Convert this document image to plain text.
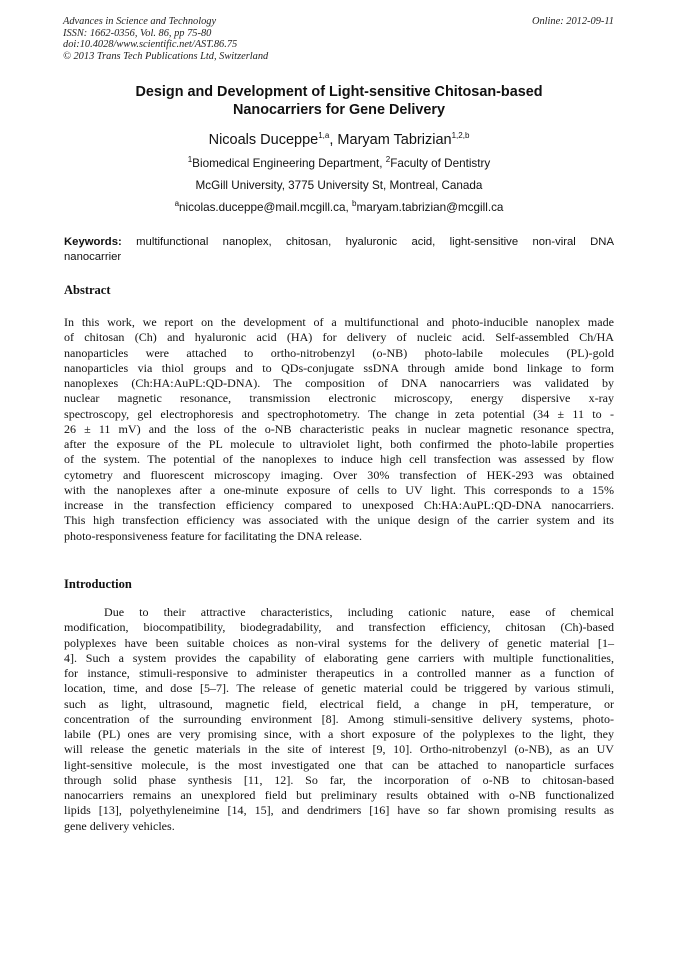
Advances in Science and Technology
ISSN: 1662-0356, Vol. 86, pp 75-80
doi:10.4028/www.scientific.net/AST.86.75
© 2013 Trans Tech Publications Ltd, Switzerland
Online: 2012-09-11
Design and Development of Light-sensitive Chitosan-based
Nanocarriers for Gene Delivery
Nicoals Duceppe$^{1,a}$, Maryam Tabrizian$^{1,2,b}$
$^1$Biomedical Engineering Department, $^2$Faculty of Dentistry
McGill University, 3775 University St, Montreal, Canada
$^a$nicolas.duceppe@mail.mcgill.ca, $^b$maryam.tabrizian@mcgill.ca
Keywords: multifunctional nanoplex, chitosan, hyaluronic acid, light-sensitive non-viral DNA
nanocarrier
Abstract
In this work, we report on the development of a multifunctional and photo-inducible nanoplex made
of chitosan (Ch) and hyaluronic acid (HA) for delivery of nucleic acid. Self-assembled Ch/HA
nanoparticles were attached to ortho-nitrobenzyl (o-NB) photo-labile molecules (PL)-gold
nanoparticles via thiol groups and to QDs-conjugate ssDNA through amide bond linkage to form
nanoplexes (Ch:HA:AuPL:QD-DNA). The composition of DNA nanocarriers was validated by
nuclear magnetic resonance, transmission electronic microscopy, energy dispersive x-ray
spectroscopy, gel electrophoresis and spectrophotometry. The change in zeta potential (34 ± 11 to -
26 ± 11 mV) and the loss of the o-NB characteristic peaks in nuclear magnetic resonance spectra,
after the exposure of the PL molecule to ultraviolet light, both confirmed the photo-labile properties
of the system. The potential of the nanoplexes to induce high cell transfection was assessed by flow
cytometry and fluorescent microscopy imaging. Over 30% transfection of HEK-293 was obtained
with the nanoplexes after a one-minute exposure of cells to UV light. This corresponds to a 15%
increase in the transfection efficiency compared to unexposed Ch:HA:AuPL:QD-DNA nanocarriers.
This high transfection efficiency was associated with the unique design of the carrier system and its
photo-responsiveness feature for facilitating the DNA release.
Introduction
Due to their attractive characteristics, including cationic nature, ease of chemical
modification, biocompatibility, biodegradability, and transfection efficiency, chitosan (Ch)-based
polyplexes have been suitable choices as non-viral systems for the delivery of genetic material [1–
4]. Such a system provides the capability of elaborating gene carriers with multiple functionalities,
for instance, stimuli-responsive to administer therapeutics in a controlled manner as a function of
location, time, and dose [5–7]. The release of genetic material could be triggered by various stimuli,
such as light, ultrasound, magnetic field, electrical field, a change in pH, temperature, or
concentration of the surrounding environment [8]. Among stimuli-sensitive delivery systems, photo-
labile (PL) ones are very promising since, with a short exposure of the polyplexes to the light, they
will release the genetic materials in the site of interest [9, 10]. Ortho-nitrobenzyl (o-NB), as an UV
light-sensitive molecule, is the most investigated one that can be attached to nanoparticle surfaces
through solid phase synthesis [11, 12]. So far, the incorporation of o-NB to chitosan-based
nanocarriers remains an unexplored field but preliminary results obtained with o-NB functionalized
lipids [13], polyethyleneimine [14, 15], and dendrimers [16] have so far shown promising results as
gene delivery vehicles.
